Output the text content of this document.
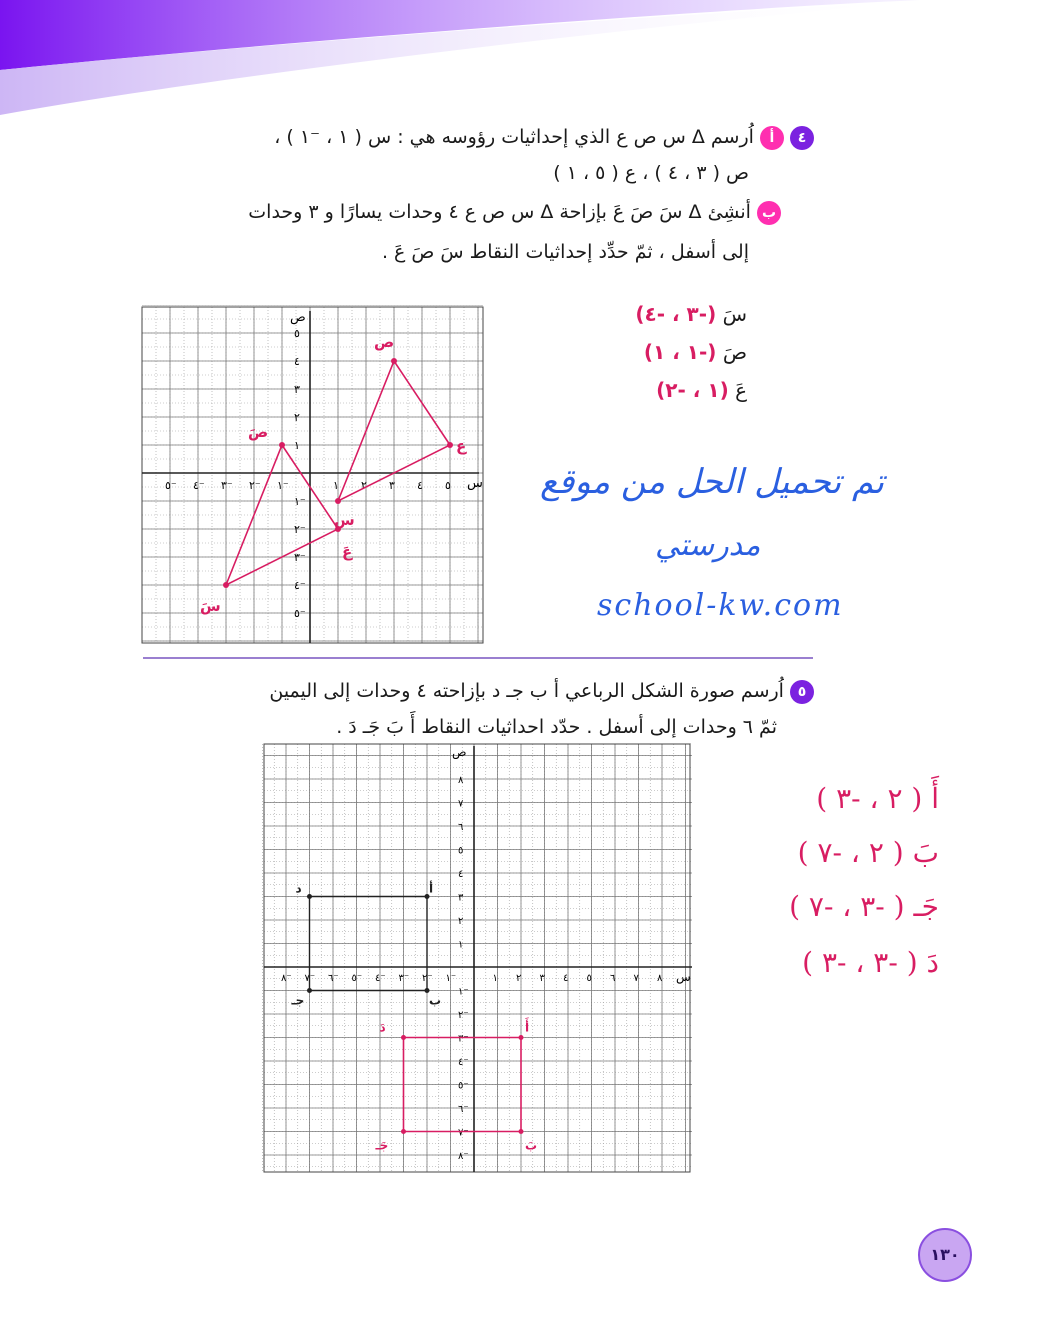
٤ أ اُرسم Δ س ص ع الذي إحداثيات رؤوسه هي : س ( ١ ، ⁻١ ) ،
ص ( ٣ ، ٤ ) ، ع ( ٥ ، ١ )
ب أنشِئ Δ سَ صَ عَ بإزاحة Δ س ص ع ٤ وحدات يسارًا و ٣ وحدات
إلى أسفل ، ثمّ حدِّد إحداثيات النقاط سَ صَ عَ .
سَ (-٣ ، -٤)
صَ (-١ ، ١)
عَ (١ ، -٢)
تم تحميل الحل من موقع
مدرستي
school-kw.com
س
ص
٥⁻ ٤⁻ ٣⁻ ٢⁻ ١⁻	١ ٢ ٣ ٤ ٥
٥
٤
٣
٢
١
١⁻
٢⁻
٣⁻
٤⁻
٥⁻
س
ص
ع
سَ
صَ
عَ
٥ اُرسم صورة الشكل الرباعي أ ب جـ د بإزاحته ٤ وحدات إلى اليمين
ثمّ ٦ وحدات إلى أسفل . حدّد احداثيات النقاط أَ بَ جَـ دَ .
س
ص
٨⁻ ٧⁻ ٦⁻ ٥⁻ ٤⁻ ٣⁻ ٢⁻ ١⁻	١ ٢ ٣ ٤ ٥ ٦ ٧ ٨
٨
٧
٦
٥
٤
٣
٢
١
١⁻
٢⁻
٣⁻
٤⁻
٥⁻
٦⁻
٧⁻
٨⁻
أ
ب
جـ
د
أَ
بَ
جَـ
دَ
أَ ( ٢ ، -٣ )
بَ ( ٢ ، -٧ )
جَـ ( -٣ ، -٧ )
دَ ( -٣ ، -٣ )
١٣٠
